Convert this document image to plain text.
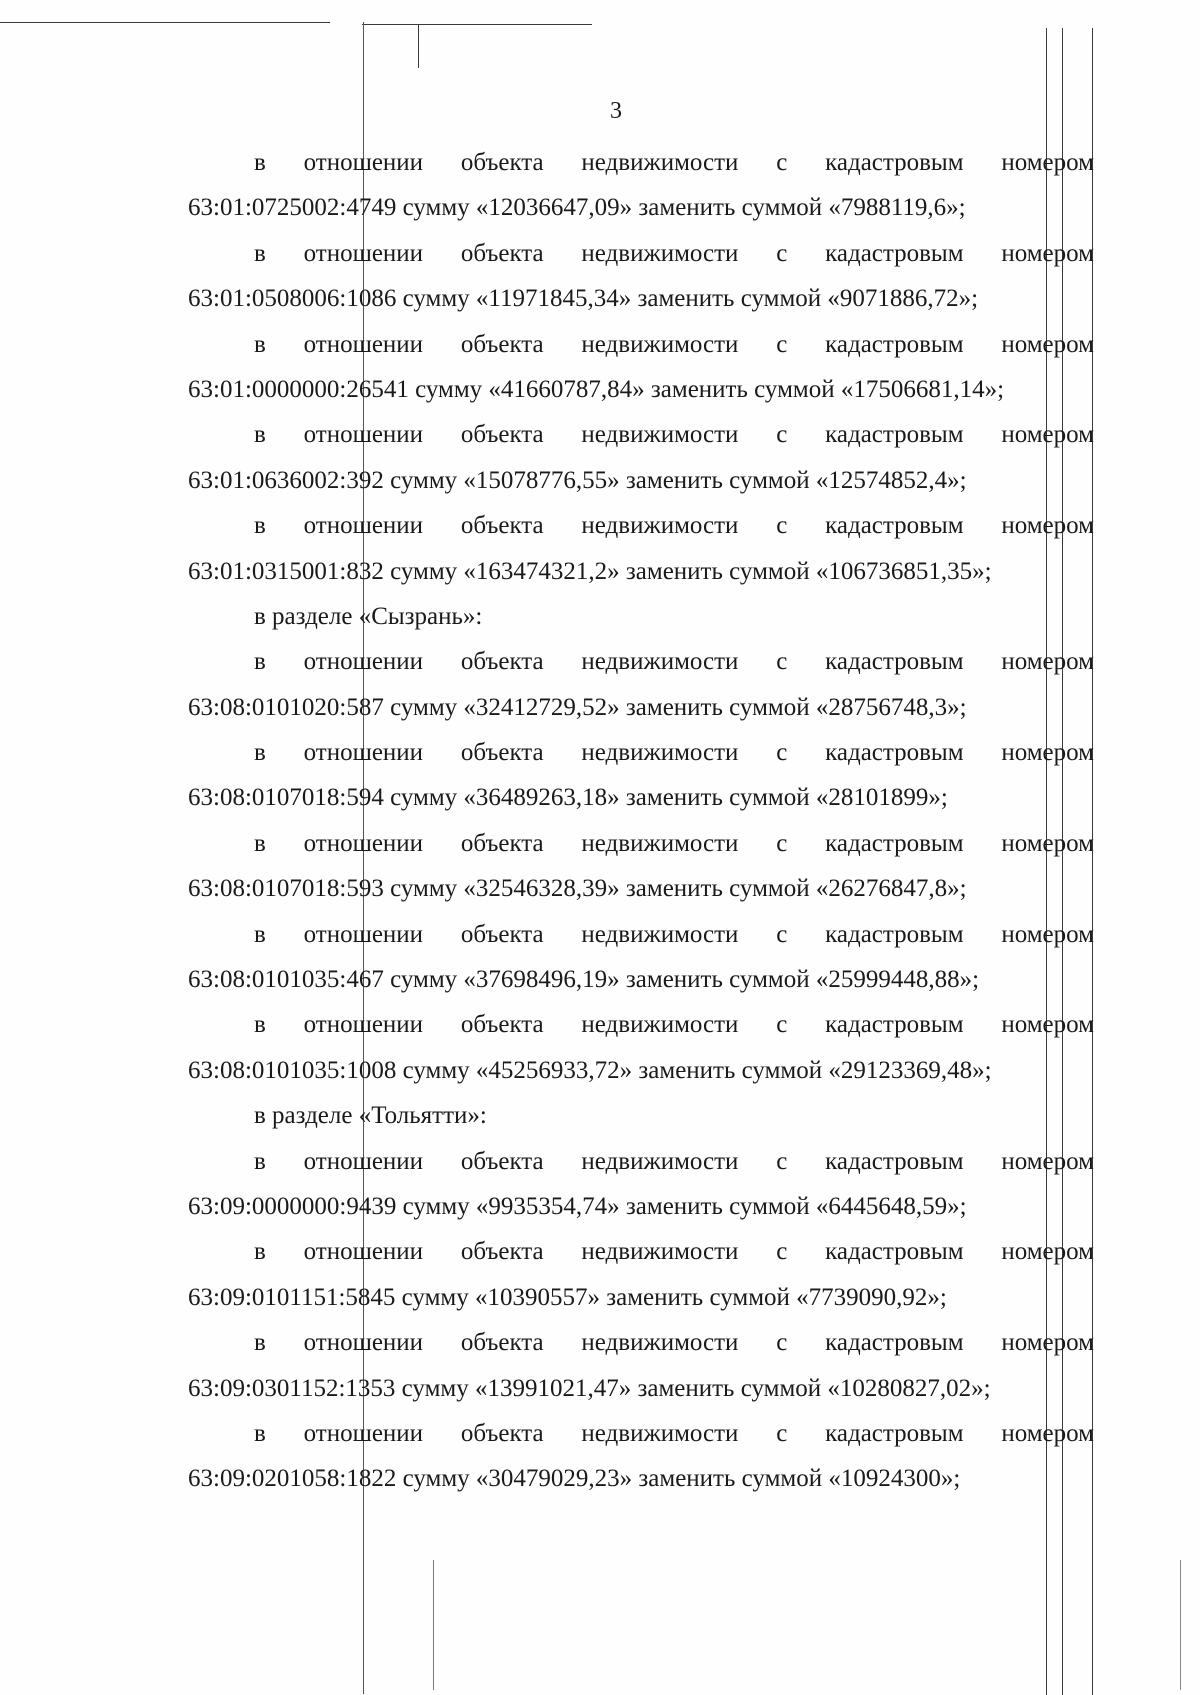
3
в отношении объекта недвижимости с кадастровым номером
63:01:0725002:4749 сумму «12036647,09» заменить суммой «7988119,6»;
в отношении объекта недвижимости с кадастровым номером
63:01:0508006:1086 сумму «11971845,34» заменить суммой «9071886,72»;
в отношении объекта недвижимости с кадастровым номером
63:01:0000000:26541 сумму «41660787,84» заменить суммой «17506681,14»;
в отношении объекта недвижимости с кадастровым номером
63:01:0636002:392 сумму «15078776,55» заменить суммой «12574852,4»;
в отношении объекта недвижимости с кадастровым номером
63:01:0315001:832 сумму «163474321,2» заменить суммой «106736851,35»;
в разделе «Сызрань»:
в отношении объекта недвижимости с кадастровым номером
63:08:0101020:587 сумму «32412729,52» заменить суммой «28756748,3»;
в отношении объекта недвижимости с кадастровым номером
63:08:0107018:594 сумму «36489263,18» заменить суммой «28101899»;
в отношении объекта недвижимости с кадастровым номером
63:08:0107018:593 сумму «32546328,39» заменить суммой «26276847,8»;
в отношении объекта недвижимости с кадастровым номером
63:08:0101035:467 сумму «37698496,19» заменить суммой «25999448,88»;
в отношении объекта недвижимости с кадастровым номером
63:08:0101035:1008 сумму «45256933,72» заменить суммой «29123369,48»;
в разделе «Тольятти»:
в отношении объекта недвижимости с кадастровым номером
63:09:0000000:9439 сумму «9935354,74» заменить суммой «6445648,59»;
в отношении объекта недвижимости с кадастровым номером
63:09:0101151:5845 сумму «10390557» заменить суммой «7739090,92»;
в отношении объекта недвижимости с кадастровым номером
63:09:0301152:1353 сумму «13991021,47» заменить суммой «10280827,02»;
в отношении объекта недвижимости с кадастровым номером
63:09:0201058:1822 сумму «30479029,23» заменить суммой «10924300»;
